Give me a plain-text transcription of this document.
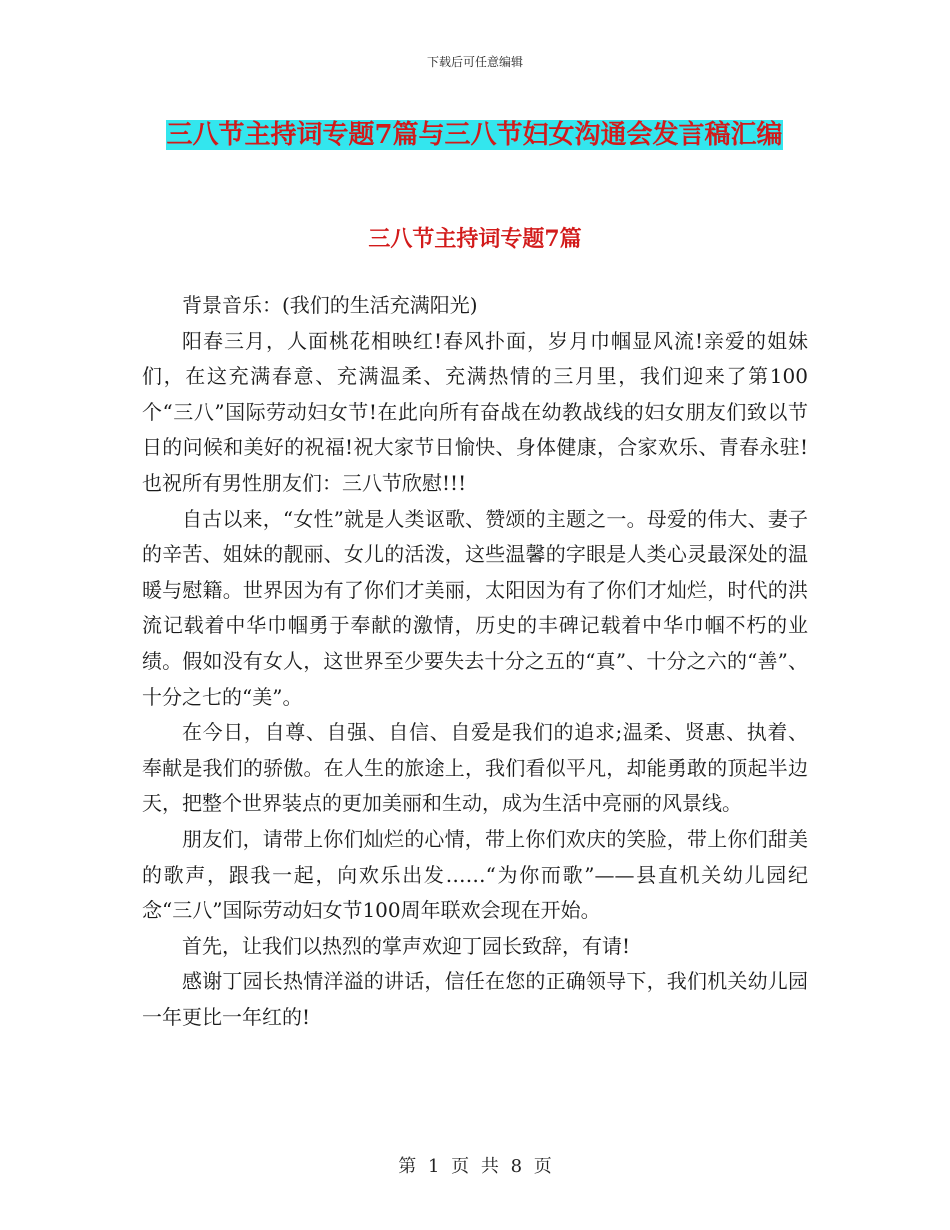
下载后可任意编辑
三八节主持词专题7篇与三八节妇女沟通会发言稿汇编
三八节主持词专题7篇

背景音乐：(我们的生活充满阳光)

阳春三月，人面桃花相映红!春风扑面，岁月巾帼显风流!亲爱的姐妹们，在这充满春意、充满温柔、充满热情的三月里，我们迎来了第100个“三八”国际劳动妇女节!在此向所有奋战在幼教战线的妇女朋友们致以节日的问候和美好的祝福!祝大家节日愉快、身体健康，合家欢乐、青春永驻!也祝所有男性朋友们：三八节欣慰!!!

自古以来，“女性”就是人类讴歌、赞颂的主题之一。母爱的伟大、妻子的辛苦、姐妹的靓丽、女儿的活泼，这些温馨的字眼是人类心灵最深处的温暖与慰籍。世界因为有了你们才美丽，太阳因为有了你们才灿烂，时代的洪流记载着中华巾帼勇于奉献的激情，历史的丰碑记载着中华巾帼不朽的业绩。假如没有女人，这世界至少要失去十分之五的“真”、十分之六的“善”、十分之七的“美”。

在今日，自尊、自强、自信、自爱是我们的追求;温柔、贤惠、执着、奉献是我们的骄傲。在人生的旅途上，我们看似平凡，却能勇敢的顶起半边天，把整个世界装点的更加美丽和生动，成为生活中亮丽的风景线。

朋友们，请带上你们灿烂的心情，带上你们欢庆的笑脸，带上你们甜美的歌声，跟我一起，向欢乐出发……“为你而歌”——县直机关幼儿园纪念“三八”国际劳动妇女节100周年联欢会现在开始。

首先，让我们以热烈的掌声欢迎丁园长致辞，有请!

感谢丁园长热情洋溢的讲话，信任在您的正确领导下，我们机关幼儿园一年更比一年红的!

第 1 页 共 8 页
